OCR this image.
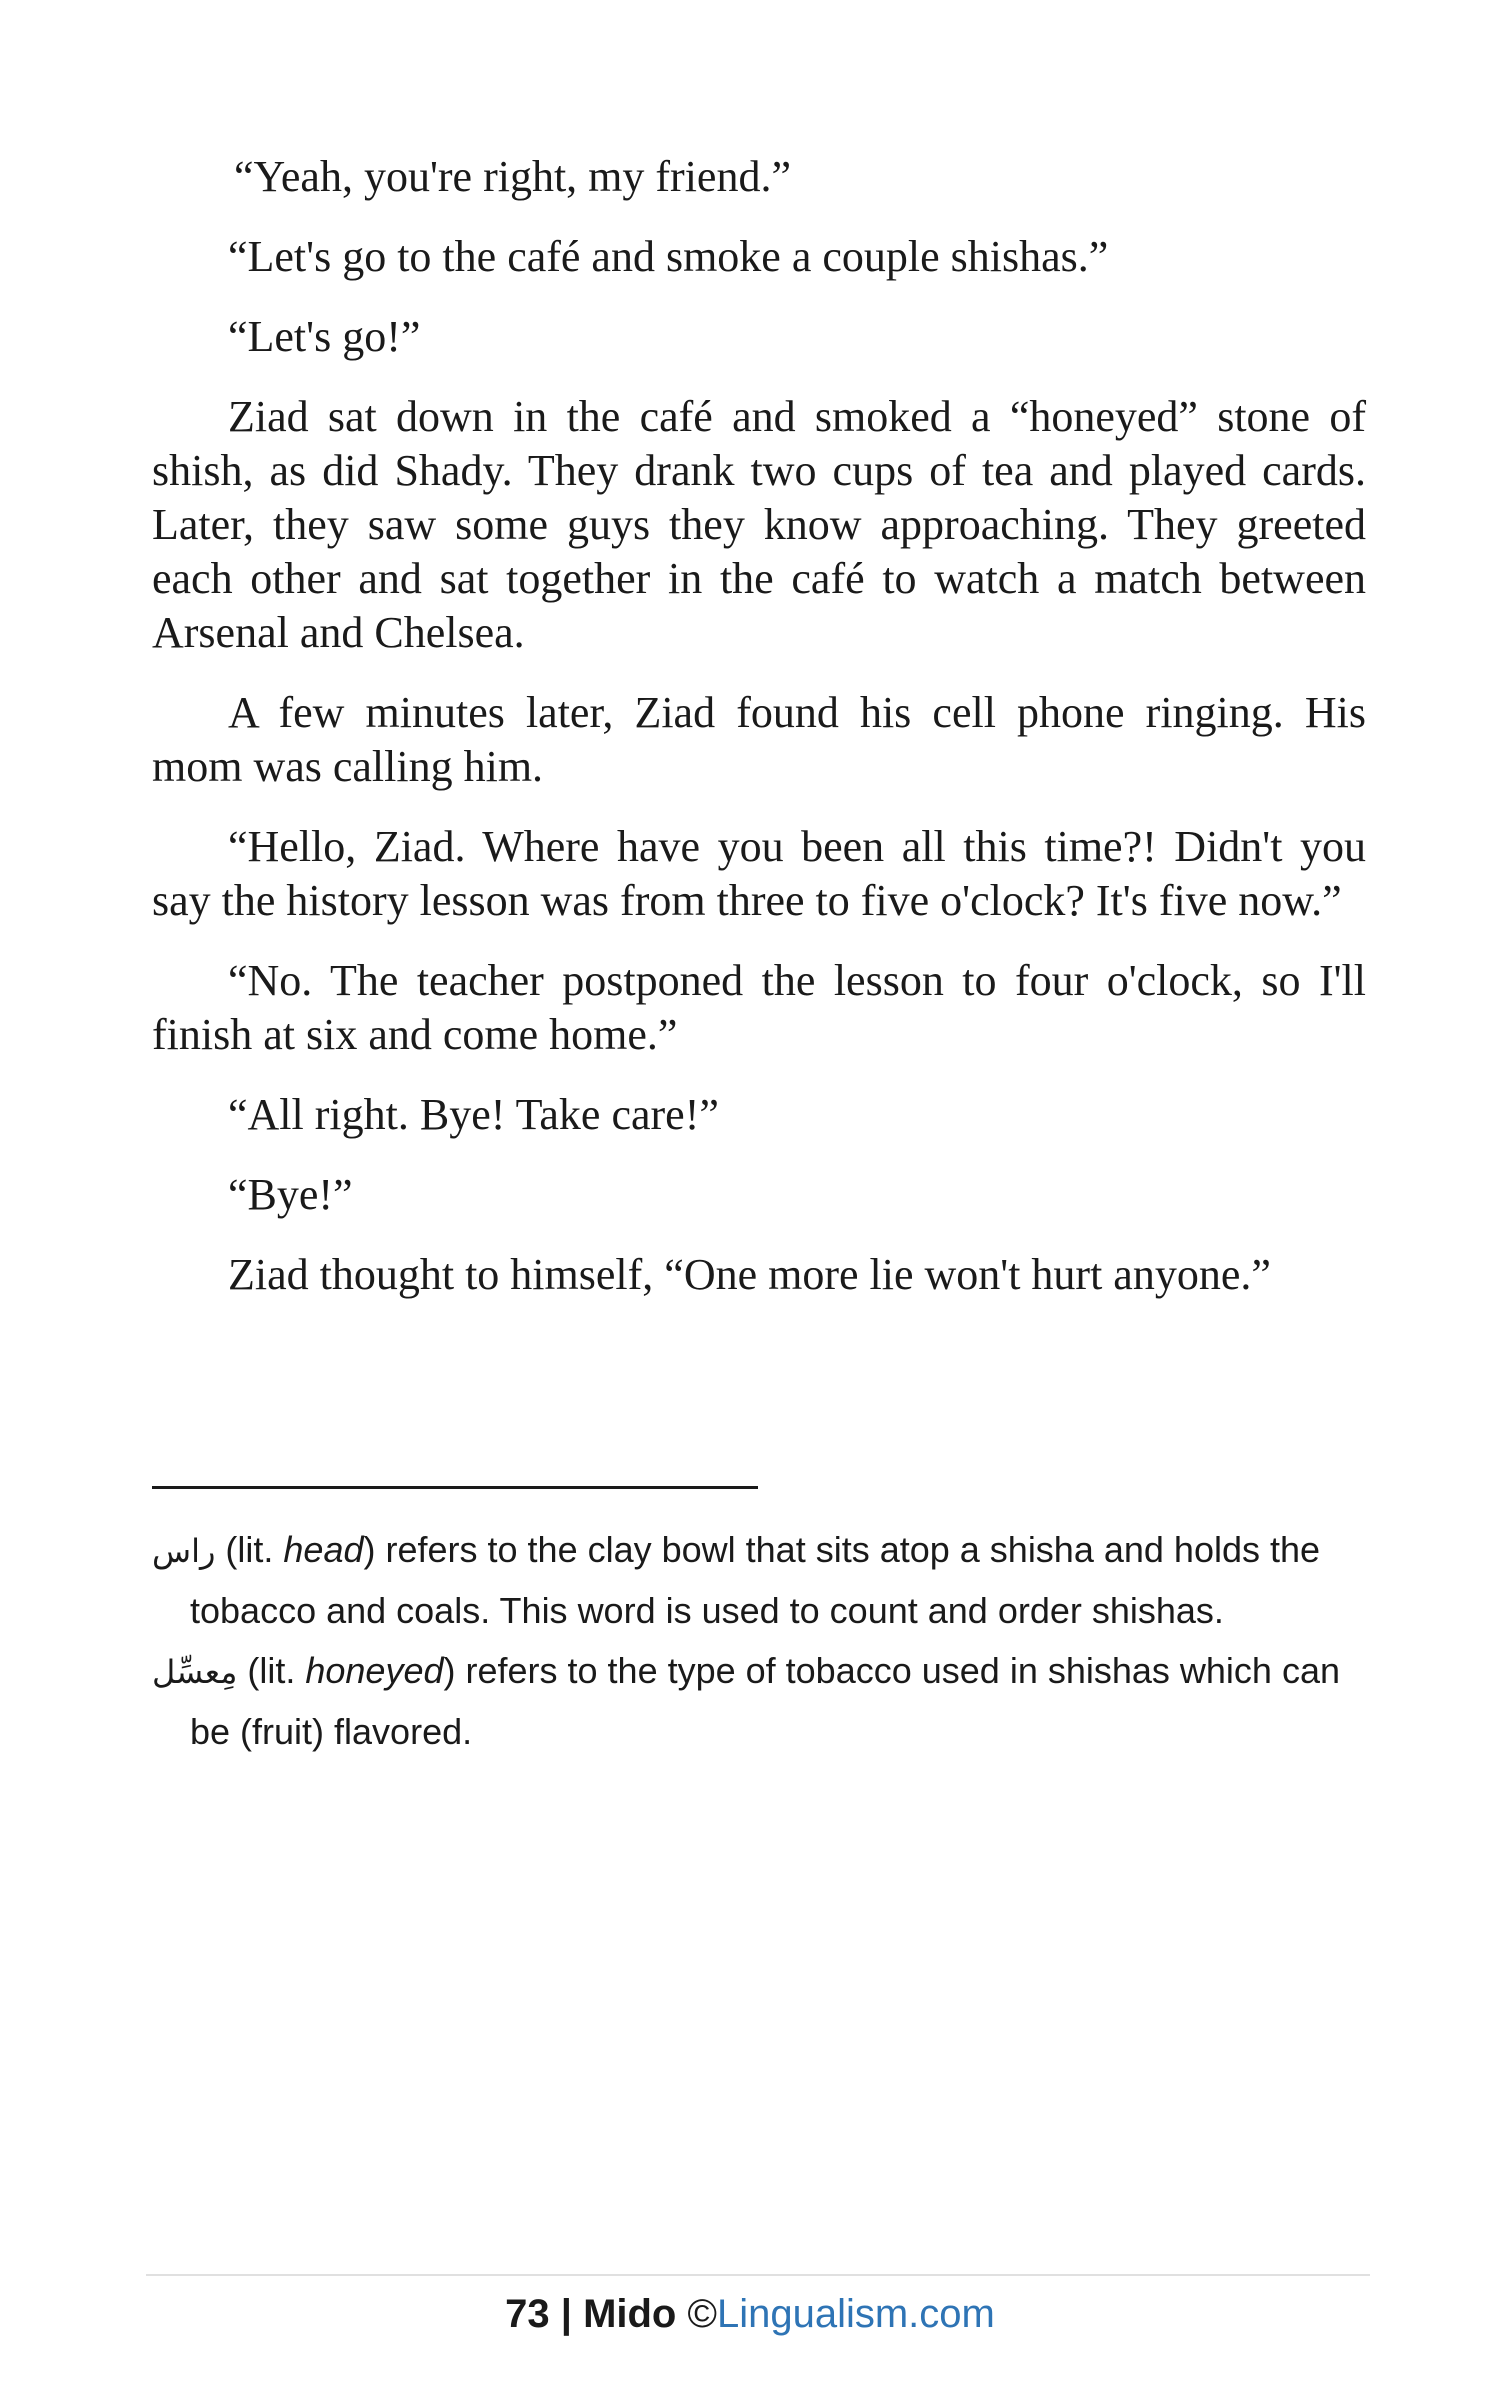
“Yeah, you're right, my friend.”

“Let's go to the café and smoke a couple shishas.”

“Let's go!”

Ziad sat down in the café and smoked a “honeyed” stone of shish, as did Shady. They drank two cups of tea and played cards. Later, they saw some guys they know approaching. They greeted each other and sat together in the café to watch a match between Arsenal and Chelsea.

A few minutes later, Ziad found his cell phone ringing. His mom was calling him.

“Hello, Ziad. Where have you been all this time?! Didn't you say the history lesson was from three to five o'clock? It's five now.”

“No. The teacher postponed the lesson to four o'clock, so I'll finish at six and come home.”

“All right. Bye! Take care!”

“Bye!”

Ziad thought to himself, “One more lie won't hurt anyone.”

راس (lit. head) refers to the clay bowl that sits atop a shisha and holds the tobacco and coals. This word is used to count and order shishas.

مِعسِّل (lit. honeyed) refers to the type of tobacco used in shishas which can be (fruit) flavored.

73 | Mido ©Lingualism.com
